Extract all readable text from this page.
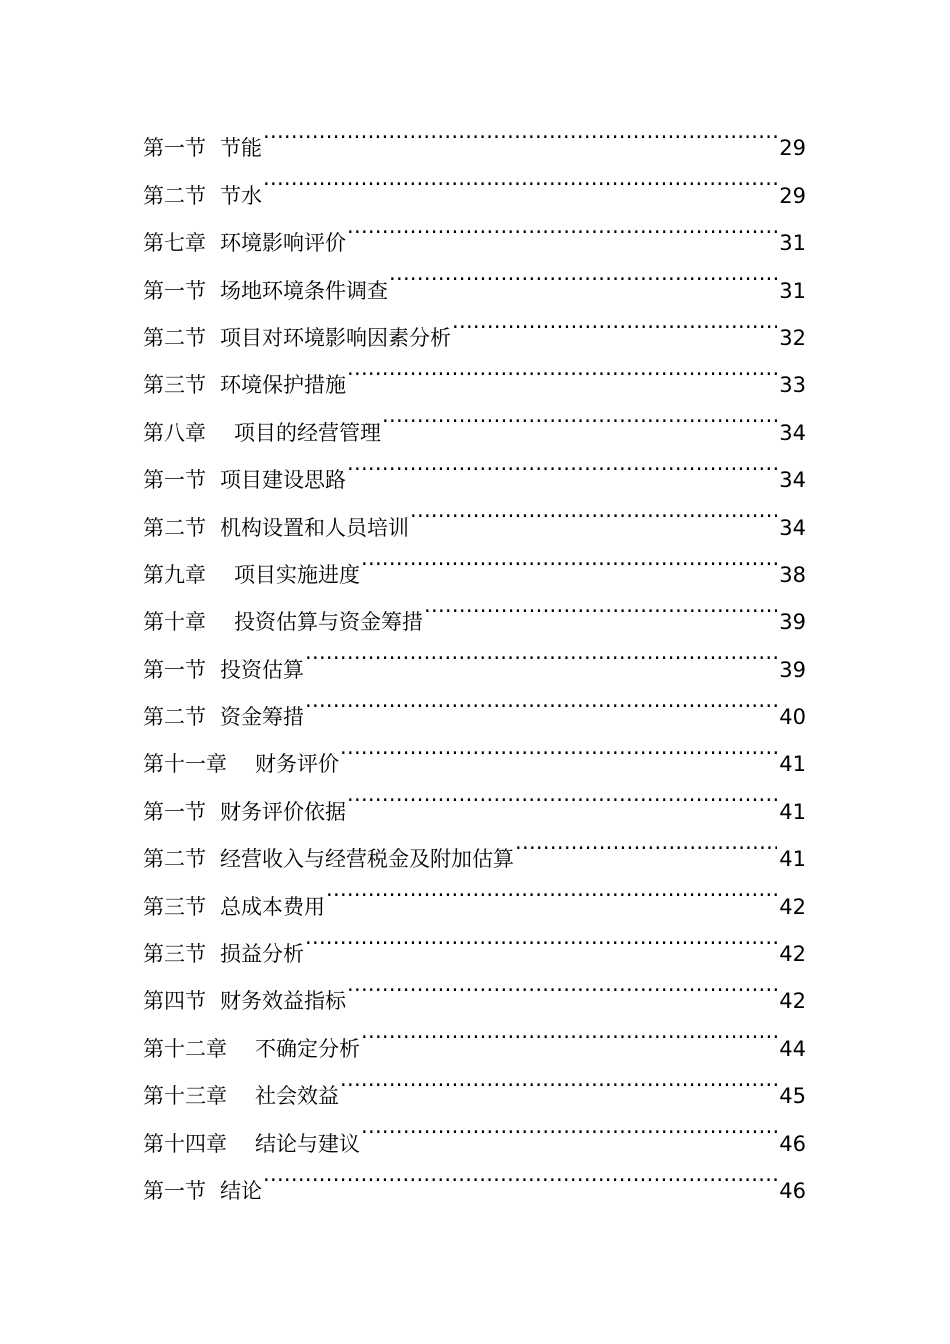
第一节 节能 .....	29
第二节 节水 .....	29
第七章 环境影响评价 .....	31
第一节 场地环境条件调查 .....	31
第二节 项目对环境影响因素分析 .....	32
第三节 环境保护措施 .....	33
第八章 项目的经营管理 .....	34
第一节 项目建设思路 .....	34
第二节 机构设置和人员培训 .....	34
第九章 项目实施进度 .....	38
第十章 投资估算与资金筹措 .....	39
第一节 投资估算 .....	39
第二节 资金筹措 .....	40
第十一章 财务评价 .....	41
第一节 财务评价依据 .....	41
第二节 经营收入与经营税金及附加估算 .....	41
第三节 总成本费用 .....	42
第三节 损益分析 .....	42
第四节 财务效益指标 .....	42
第十二章 不确定分析 .....	44
第十三章 社会效益 .....	45
第十四章 结论与建议 .....	46
第一节 结论 .....	46
